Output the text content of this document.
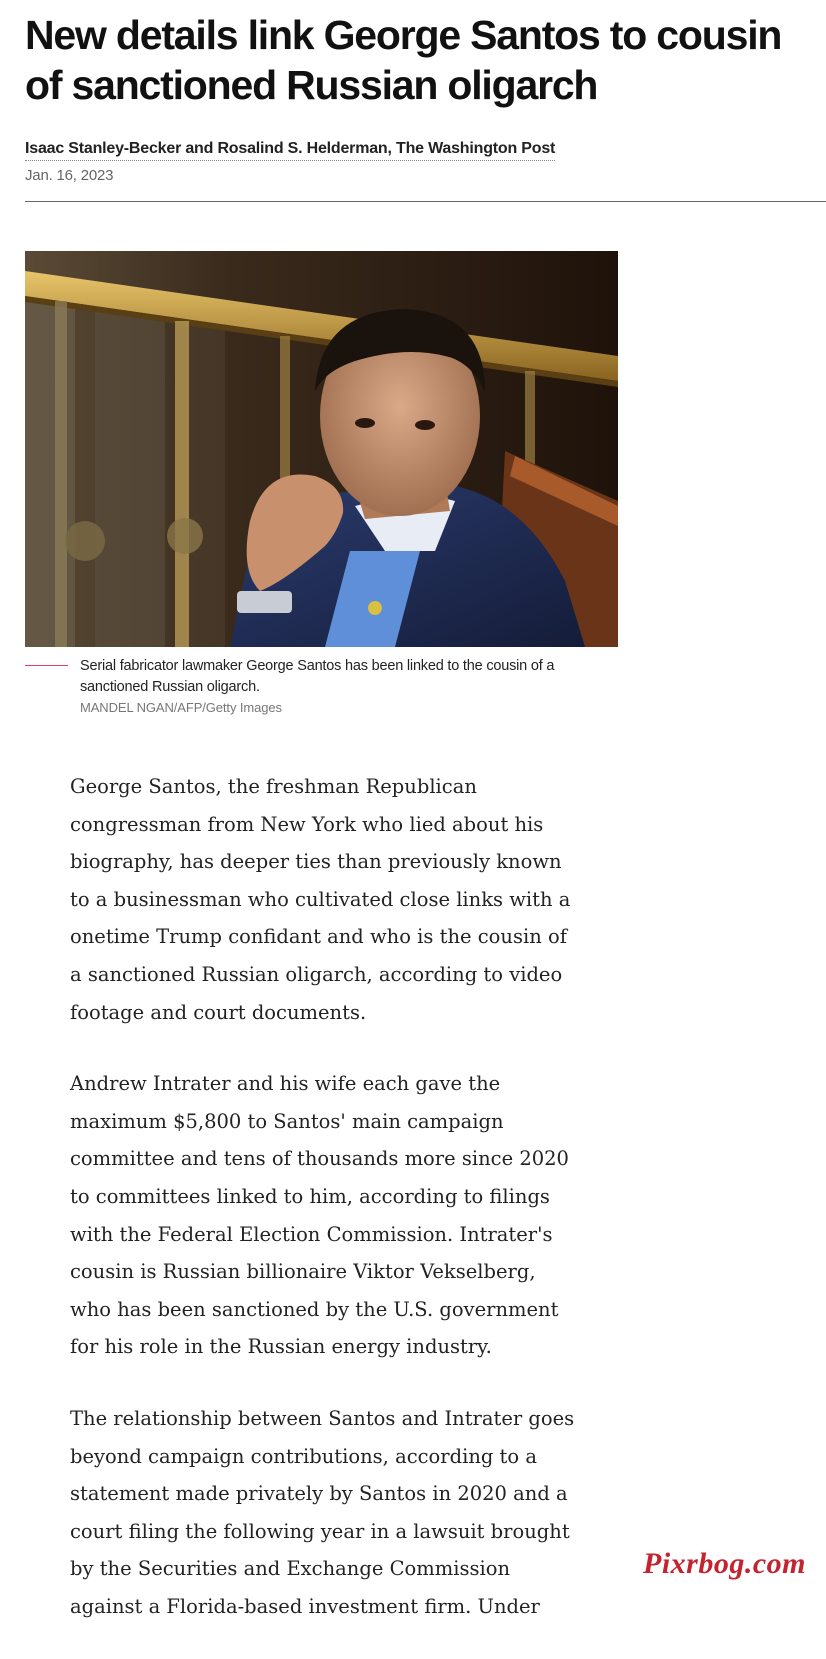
New details link George Santos to cousin of sanctioned Russian oligarch
Isaac Stanley-Becker and Rosalind S. Helderman, The Washington Post
Jan. 16, 2023
Serial fabricator lawmaker George Santos has been linked to the cousin of a sanctioned Russian oligarch.
MANDEL NGAN/AFP/Getty Images

George Santos, the freshman Republican congressman from New York who lied about his biography, has deeper ties than previously known to a businessman who cultivated close links with a onetime Trump confidant and who is the cousin of a sanctioned Russian oligarch, according to video footage and court documents.

Andrew Intrater and his wife each gave the maximum $5,800 to Santos' main campaign committee and tens of thousands more since 2020 to committees linked to him, according to filings with the Federal Election Commission. Intrater's cousin is Russian billionaire Viktor Vekselberg, who has been sanctioned by the U.S. government for his role in the Russian energy industry.

The relationship between Santos and Intrater goes beyond campaign contributions, according to a statement made privately by Santos in 2020 and a court filing the following year in a lawsuit brought by the Securities and Exchange Commission against a Florida-based investment firm. Under

Pixrbog.com
